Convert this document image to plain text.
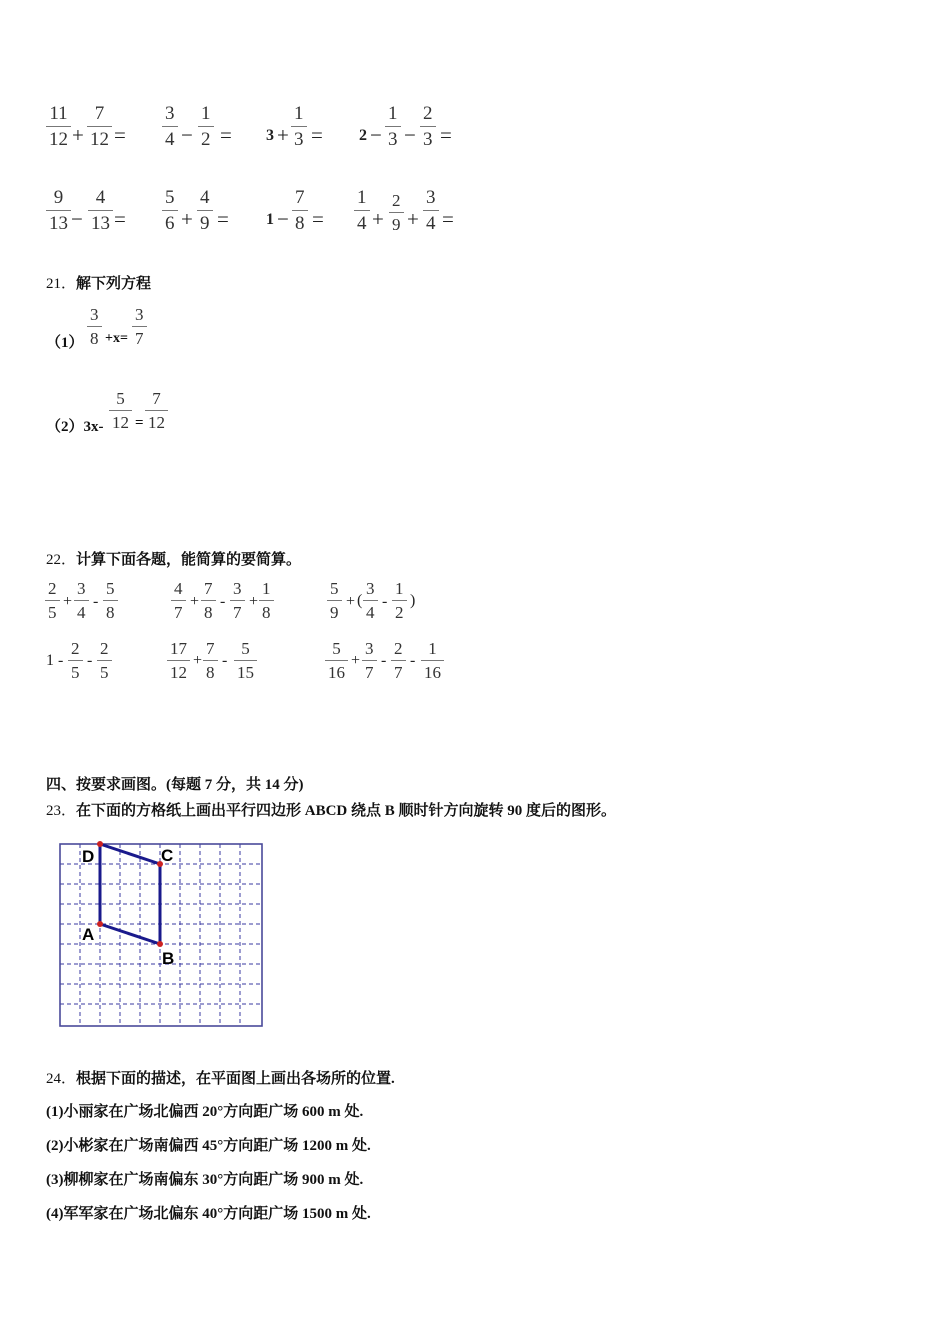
$\frac{11}{12} + \frac{7}{12} = \frac{3}{4} - \frac{1}{2} = 3 + \frac{1}{3} = 2 - \frac{1}{3} - \frac{2}{3}$ =
$\frac{9}{13} - \frac{4}{13} = \frac{5}{6} + \frac{4}{9} = 1 - \frac{7}{8} = \frac{1}{4} + \frac{2}{9} + \frac{3}{4}$ =
21．解下列方程
$(1) \frac{3}{8} +x= \frac{3}{7}$
$(2)3x- \frac{5}{12} = \frac{7}{12}$
22．计算下面各题，能简算的要简算。
$\frac{2}{5} + \frac{3}{4} - \frac{5}{8}$	$\frac{4}{7} + \frac{7}{8} - \frac{3}{7} + \frac{1}{8}$	$\frac{5}{9}$ + ( $\frac{3}{4} - \frac{1}{2}$ )
$1 - \frac{2}{5} - \frac{2}{5}$	$\frac{17}{12} + \frac{7}{8} - \frac{5}{15}$	$\frac{5}{16} + \frac{3}{7} - \frac{2}{7} - \frac{1}{16}$
四、按要求画图。(每题 7 分，共 14 分)
23．在下面的方格纸上画出平行四边形 ABCD 绕点 B 顺时针方向旋转 90 度后的图形。
D	C
A
B
24．根据下面的描述，在平面图上画出各场所的位置.
(1)小丽家在广场北偏西 20°方向距广场 600 m 处.
(2)小彬家在广场南偏西 45°方向距广场 1200 m 处.
(3)柳柳家在广场南偏东 30°方向距广场 900 m 处.
(4)军军家在广场北偏东 40°方向距广场 1500 m 处.
